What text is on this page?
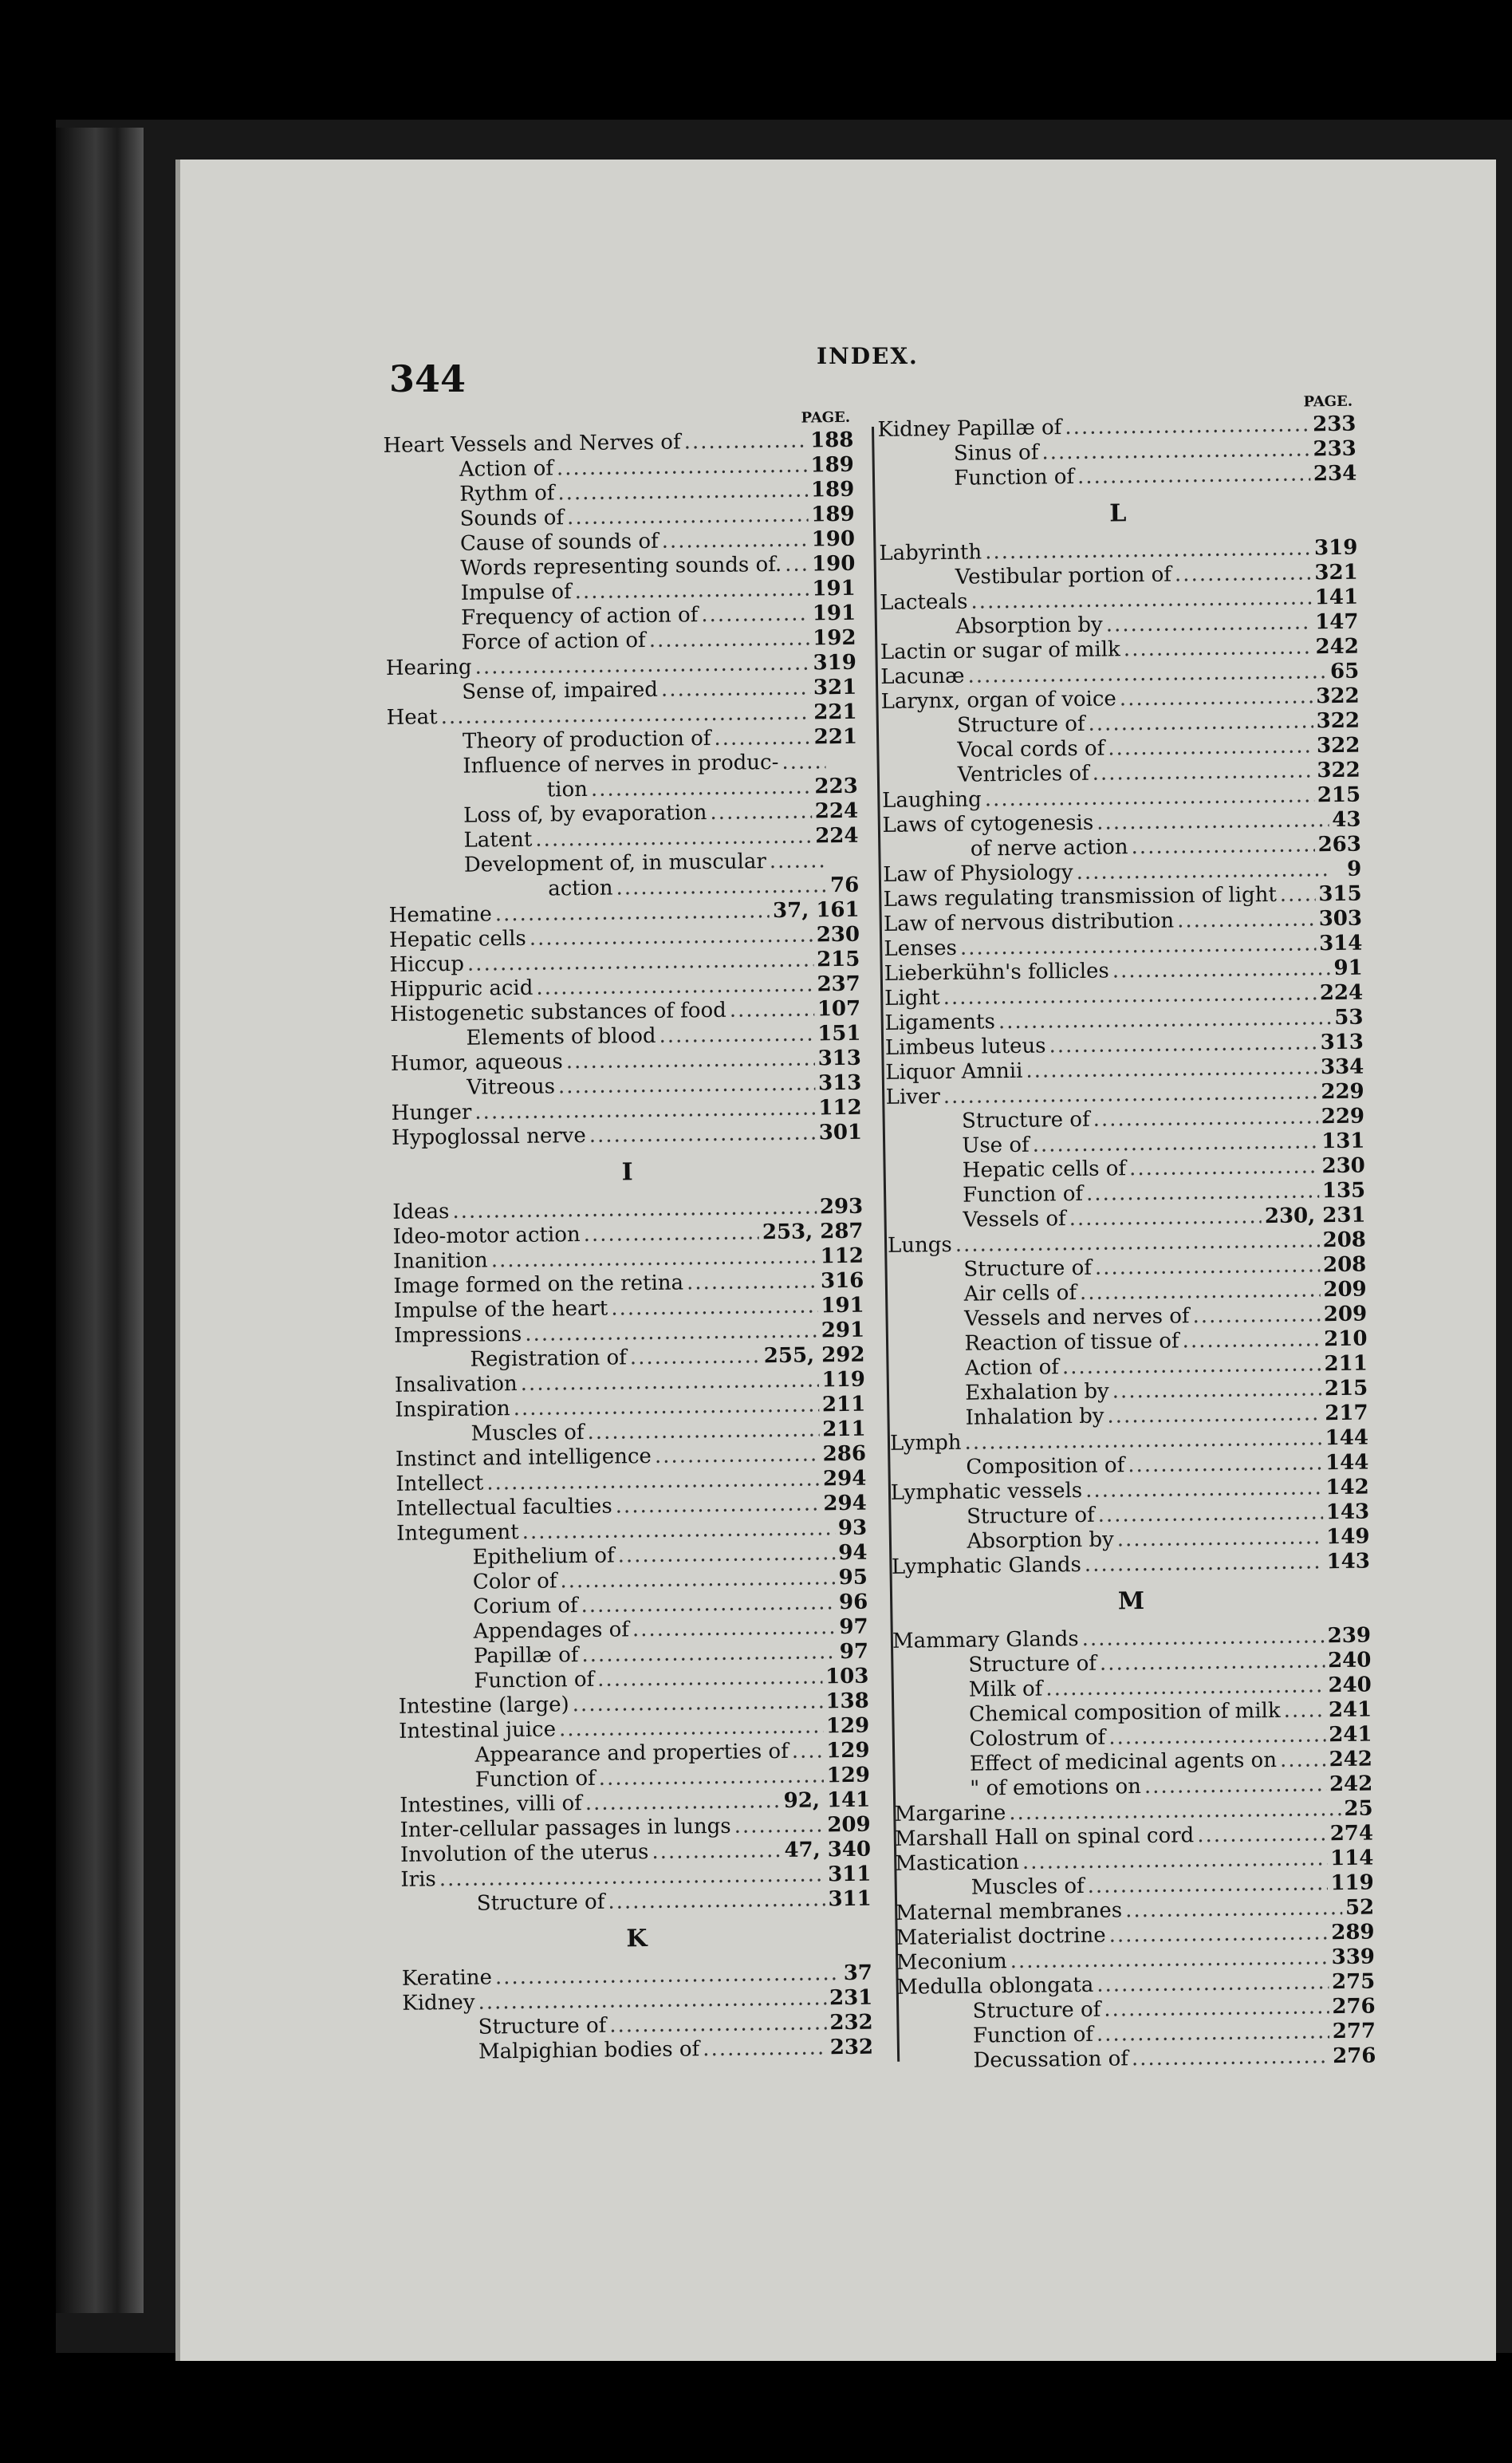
344
INDEX.
PAGE.
Heart Vessels and Nerves of .....	188
Action of .....	189
Rythm of .....	189
Sounds of .....	189
Cause of sounds of .....	190
Words representing sounds of. ..... 190
Impulse of .....	191
Frequency of action of .....	191
Force of action of .....	192
Hearing .....	319
Sense of, impaired .....	321
Heat .....	221
Theory of production of .....	221
Influence of nerves in produc-
.....
tion .....	223
Loss of, by evaporation .....	224
Latent .....	224
Development of, in muscular
.....
action .....	76
Hematine .....	37, 161
Hepatic cells .....	230
Hiccup .....	215
Hippuric acid .....	237
Histogenetic substances of food .....	107
Elements of blood .....	151
Humor, aqueous .....	313
Vitreous .....	313
Hunger .....	112
Hypoglossal nerve .....	301
I
Ideas .....	293
Ideo-motor action .....	253, 287
Inanition .....	112
Image formed on the retina .....	316
Impulse of the heart .....	191
Impressions .....	291
Registration of .....	255, 292
Insalivation .....	119
Inspiration .....	211
Muscles of .....	211
Instinct and intelligence .....	286
Intellect .....	294
Intellectual faculties .....	294
Integument .....	93
Epithelium of .....	94
Color of .....	95
Corium of .....	96
Appendages of .....	97
Papillæ of .....	97
Function of .....	103
Intestine (large) .....	138
Intestinal juice .....	129
Appearance and properties of ..... 129
Function of .....	129
Intestines, villi of .....	92, 141
Inter-cellular passages in lungs .....	209
Involution of the uterus .....	47, 340
Iris .....	311
Structure of .....	311
K
Keratine .....	37
Kidney .....	231
Structure of .....	232
Malpighian bodies of .....	232
PAGE.
Kidney Papillæ of .....	233
Sinus of .....	233
Function of .....	234
L
Labyrinth .....	319
Vestibular portion of .....	321
Lacteals .....	141
Absorption by .....	147
Lactin or sugar of milk .....	242
Lacunæ .....	65
Larynx, organ of voice .....	322
Structure of .....	322
Vocal cords of .....	322
Ventricles of .....	322
Laughing .....	215
Laws of cytogenesis .....	43
of nerve action .....	263
Law of Physiology .....	9
Laws regulating transmission of light ..... 315
Law of nervous distribution .....	303
Lenses .....	314
Lieberkühn's follicles .....	91
Light .....	224
Ligaments .....	53
Limbeus luteus .....	313
Liquor Amnii .....	334
Liver .....	229
Structure of .....	229
Use of .....	131
Hepatic cells of .....	230
Function of .....	135
Vessels of .....	230, 231
Lungs .....	208
Structure of .....	208
Air cells of .....	209
Vessels and nerves of .....	209
Reaction of tissue of .....	210
Action of .....	211
Exhalation by .....	215
Inhalation by .....	217
Lymph .....	144
Composition of .....	144
Lymphatic vessels .....	142
Structure of .....	143
Absorption by .....	149
Lymphatic Glands .....	143
M
Mammary Glands .....	239
Structure of .....	240
Milk of .....	240
Chemical composition of milk ..... 241
Colostrum of .....	241
Effect of medicinal agents on .....	242
" of emotions on .....	242
Margarine .....	25
Marshall Hall on spinal cord .....	274
Mastication .....	114
Muscles of .....	119
Maternal membranes .....	52
Materialist doctrine .....	289
Meconium .....	339
Medulla oblongata .....	275
Structure of .....	276
Function of .....	277
Decussation of .....	276
